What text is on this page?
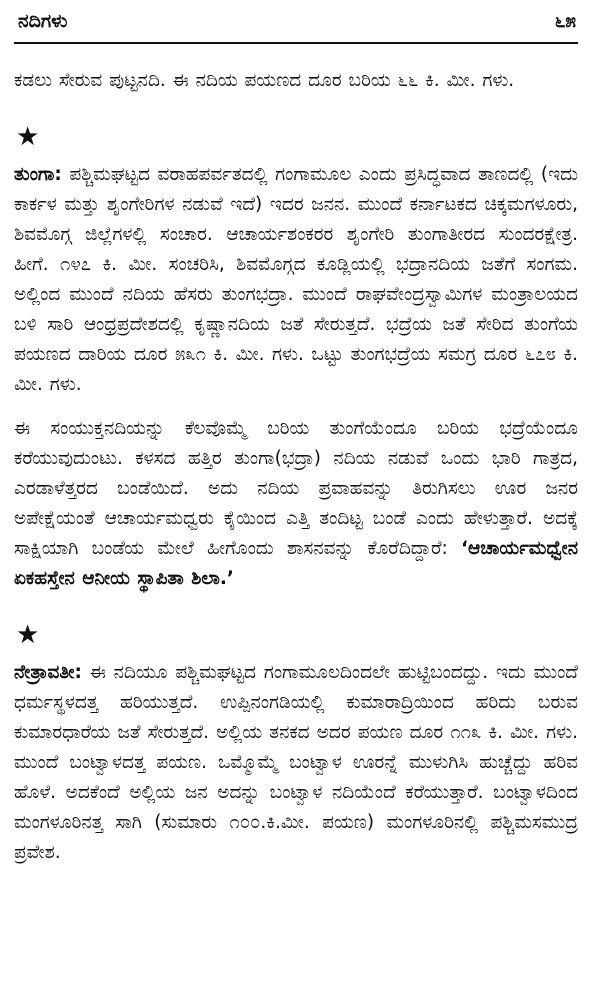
ನದಿಗಳು	೬೫

ಕಡಲು ಸೇರುವ ಪುಟ್ಟನದಿ. ಈ ನದಿಯ ಪಯಣದ ದೂರ ಬರಿಯ ೬೬ ಕಿ. ಮೀ. ಗಳು.

★

ತುಂಗಾ: ಪಶ್ಚಿಮಘಟ್ಟದ ವರಾಹಪರ್ವತದಲ್ಲಿ ಗಂಗಾಮೂಲ ಎಂದು ಪ್ರಸಿದ್ಧವಾದ ತಾಣದಲ್ಲಿ (ಇದು ಕಾರ್ಕಳ ಮತ್ತು ಶೃಂಗೇರಿಗಳ ನಡುವೆ ಇದೆ) ಇದರ ಜನನ. ಮುಂದೆ ಕರ್ನಾಟಕದ ಚಿಕ್ಕಮಗಳೂರು, ಶಿವಮೊಗ್ಗ ಜಿಲ್ಲೆಗಳಲ್ಲಿ ಸಂಚಾರ. ಆಚಾರ್ಯಶಂಕರರ ಶೃಂಗೇರಿ ತುಂಗಾತೀರದ ಸುಂದರಕ್ಷೇತ್ರ. ಹೀಗೆ. ೧೪೭ ಕಿ. ಮೀ. ಸಂಚರಿಸಿ, ಶಿವಮೊಗ್ಗದ ಕೂಡ್ಲಿಯಲ್ಲಿ ಭದ್ರಾನದಿಯ ಜತೆಗೆ ಸಂಗಮ. ಅಲ್ಲಿಂದ ಮುಂದೆ ನದಿಯ ಹೆಸರು ತುಂಗಭದ್ರಾ. ಮುಂದೆ ರಾಘವೇಂದ್ರಸ್ವಾಮಿಗಳ ಮಂತ್ರಾಲಯದ ಬಳಿ ಸಾರಿ ಆಂಧ್ರಪ್ರದೇಶದಲ್ಲಿ ಕೃಷ್ಣಾನದಿಯ ಜತೆ ಸೇರುತ್ತದೆ. ಭದ್ರೆಯ ಜತೆ ಸೇರಿದ ತುಂಗೆಯ ಪಯಣದ ದಾರಿಯ ದೂರ ೫೩೧ ಕಿ. ಮೀ. ಗಳು. ಒಟ್ಟು ತುಂಗಭದ್ರೆಯ ಸಮಗ್ರ ದೂರ ೬೭೮ ಕಿ. ಮೀ. ಗಳು.

ಈ ಸಂಯುಕ್ತನದಿಯನ್ನು ಕೆಲವೊಮ್ಮೆ ಬರಿಯ ತುಂಗೆಯೆಂದೂ ಬರಿಯ ಭದ್ರೆಯೆಂದೂ ಕರೆಯುವುದುಂಟು. ಕಳಸದ ಹತ್ತಿರ ತುಂಗಾ(ಭದ್ರಾ) ನದಿಯ ನಡುವೆ ಒಂದು ಭಾರಿ ಗಾತ್ರದ, ಎರಡಾಳೆತ್ತರದ ಬಂಡೆಯಿದೆ. ಅದು ನದಿಯ ಪ್ರವಾಹವನ್ನು ತಿರುಗಿಸಲು ಊರ ಜನರ ಅಪೇಕ್ಷೆಯಂತೆ ಆಚಾರ್ಯಮಧ್ವರು ಕೈಯಿಂದ ಎತ್ತಿ ತಂದಿಟ್ಟ ಬಂಡೆ ಎಂದು ಹೇಳುತ್ತಾರೆ. ಅದಕ್ಕೆ ಸಾಕ್ಷಿಯಾಗಿ ಬಂಡೆಯ ಮೇಲೆ ಹೀಗೊಂದು ಶಾಸನವನ್ನು ಕೊರೆದಿದ್ದಾರೆ: ‘ಆಚಾರ್ಯಮಧ್ವೇನ ಏಕಹಸ್ತೇನ ಆನೀಯ ಸ್ಥಾಪಿತಾ ಶಿಲಾ.’

★

ನೇತ್ರಾವತೀ: ಈ ನದಿಯೂ ಪಶ್ಚಿಮಘಟ್ಟದ ಗಂಗಾಮೂಲದಿಂದಲೇ ಹುಟ್ಟಿಬಂದದ್ದು. ಇದು ಮುಂದೆ ಧರ್ಮಸ್ಥಳದತ್ತ ಹರಿಯುತ್ತದೆ. ಉಪ್ಪಿನಂಗಡಿಯಲ್ಲಿ ಕುಮಾರಾದ್ರಿಯಿಂದ ಹರಿದು ಬರುವ ಕುಮಾರಧಾರೆಯ ಜತೆ ಸೇರುತ್ತದೆ. ಅಲ್ಲಿಯ ತನಕದ ಅದರ ಪಯಣ ದೂರ ೧೧೩ ಕಿ. ಮೀ. ಗಳು. ಮುಂದೆ ಬಂಟ್ವಾಳದತ್ತ ಪಯಣ. ಒಮ್ಮೊಮ್ಮೆ ಬಂಟ್ವಾಳ ಊರನ್ನೆ ಮುಳುಗಿಸಿ ಹುಚ್ಚೆದ್ದು ಹರಿವ ಹೊಳೆ. ಅದಕೆಂದೆ ಅಲ್ಲಿಯ ಜನ ಅದನ್ನು ಬಂಟ್ವಾಳ ನದಿಯೆಂದೆ ಕರೆಯುತ್ತಾರೆ. ಬಂಟ್ವಾಳದಿಂದ ಮಂಗಳೂರಿನತ್ತ ಸಾಗಿ (ಸುಮಾರು ೧೦೦.ಕಿ.ಮೀ. ಪಯಣ) ಮಂಗಳೂರಿನಲ್ಲಿ ಪಶ್ಚಿಮಸಮುದ್ರ ಪ್ರವೇಶ.
